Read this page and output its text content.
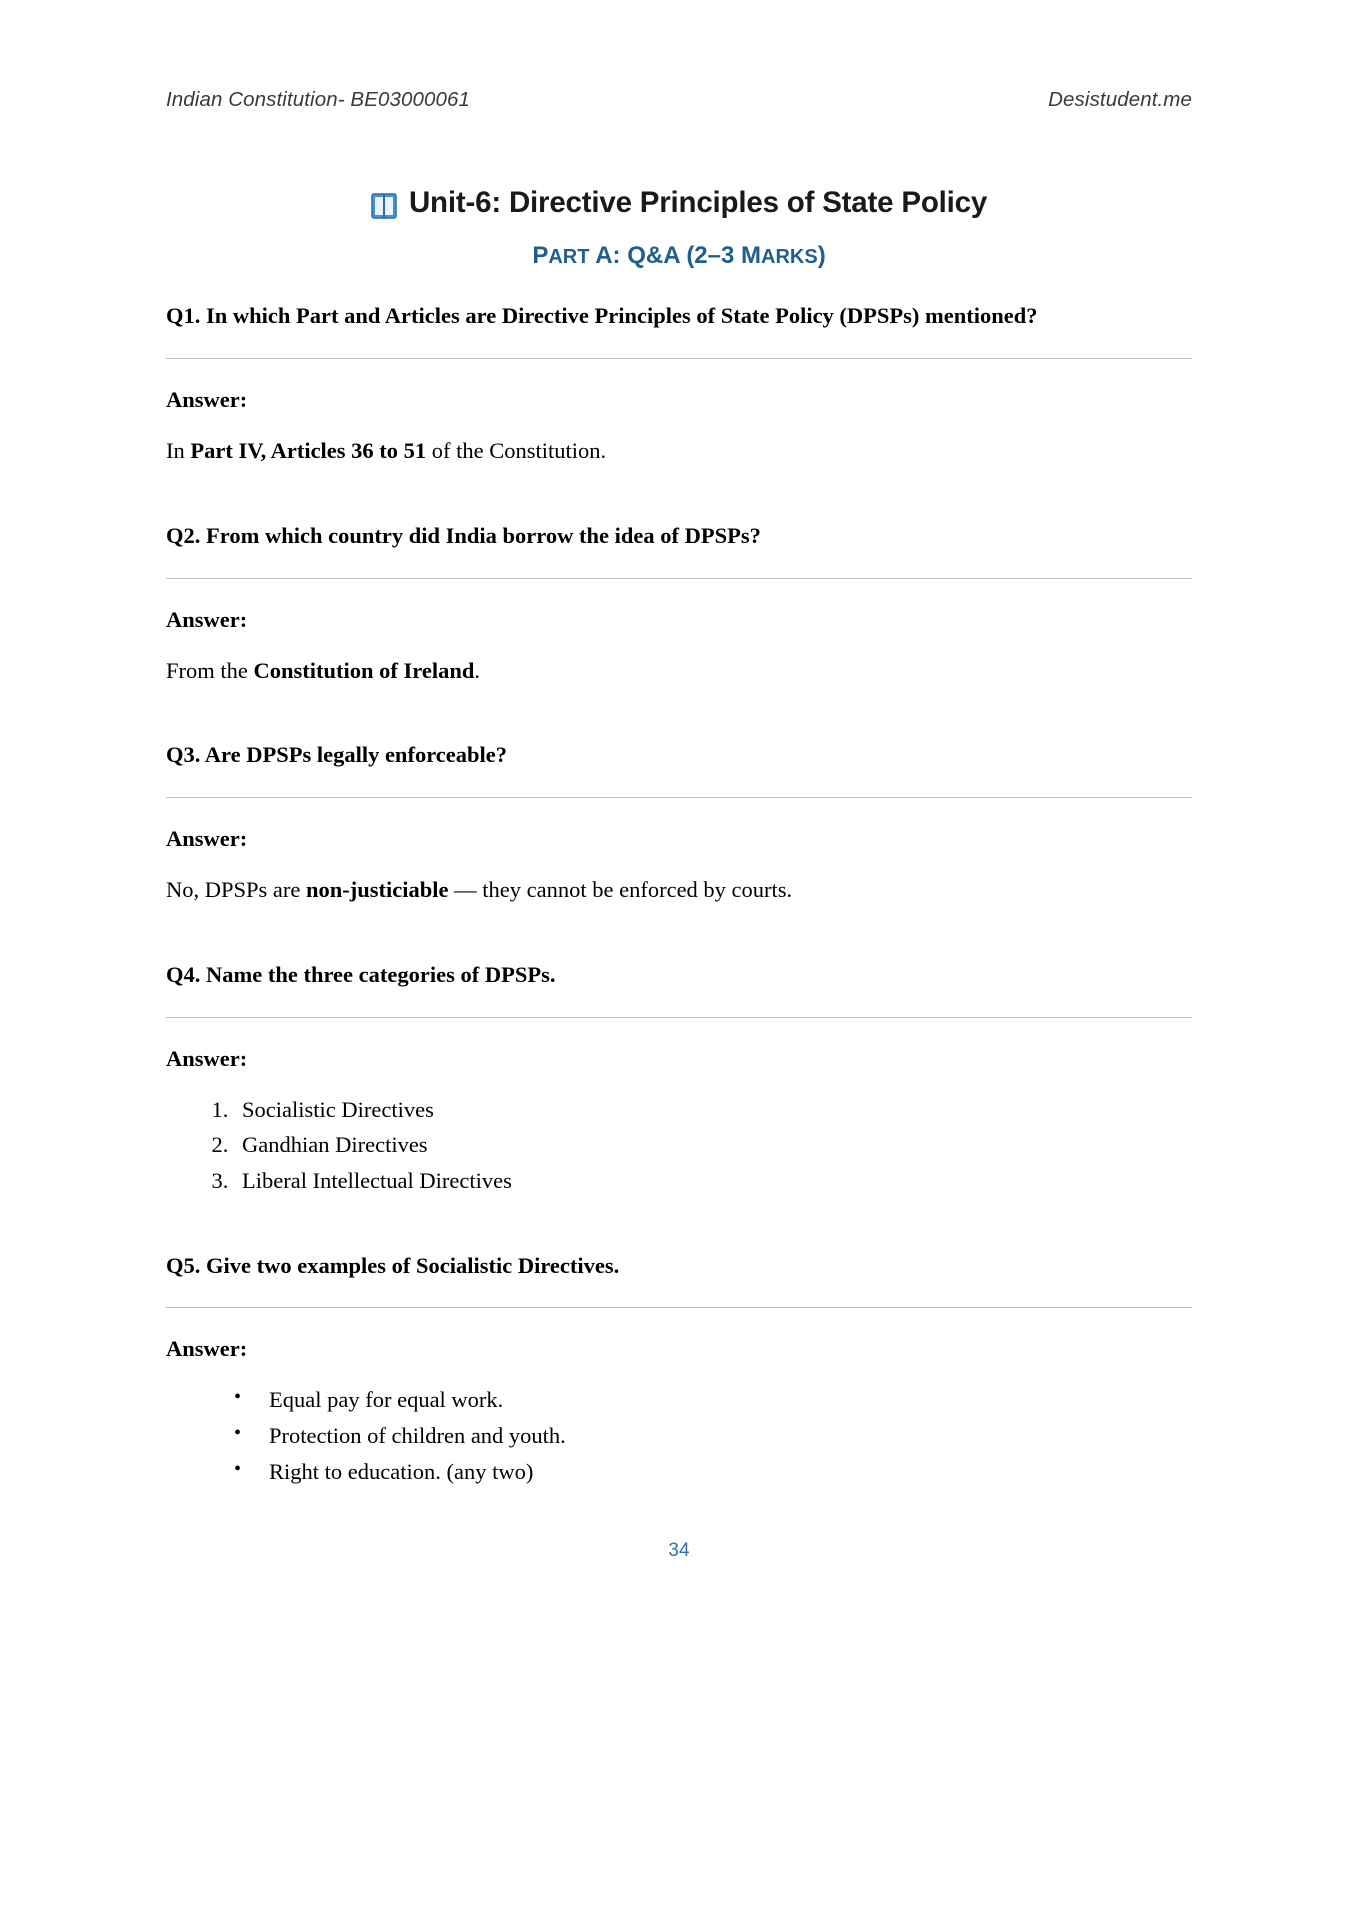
Indian Constitution- BE03000061	Desistudent.me
Unit-6: Directive Principles of State Policy
PART A: Q&A (2–3 MARKS)

Q1. In which Part and Articles are Directive Principles of State Policy (DPSPs) mentioned?

Answer:

In Part IV, Articles 36 to 51 of the Constitution.

Q2. From which country did India borrow the idea of DPSPs?

Answer:

From the Constitution of Ireland.

Q3. Are DPSPs legally enforceable?

Answer:

No, DPSPs are non-justiciable — they cannot be enforced by courts.

Q4. Name the three categories of DPSPs.

Answer:

1. Socialistic Directives
2. Gandhian Directives
3. Liberal Intellectual Directives

Q5. Give two examples of Socialistic Directives.

Answer:

• Equal pay for equal work.
• Protection of children and youth.
• Right to education. (any two)
34
